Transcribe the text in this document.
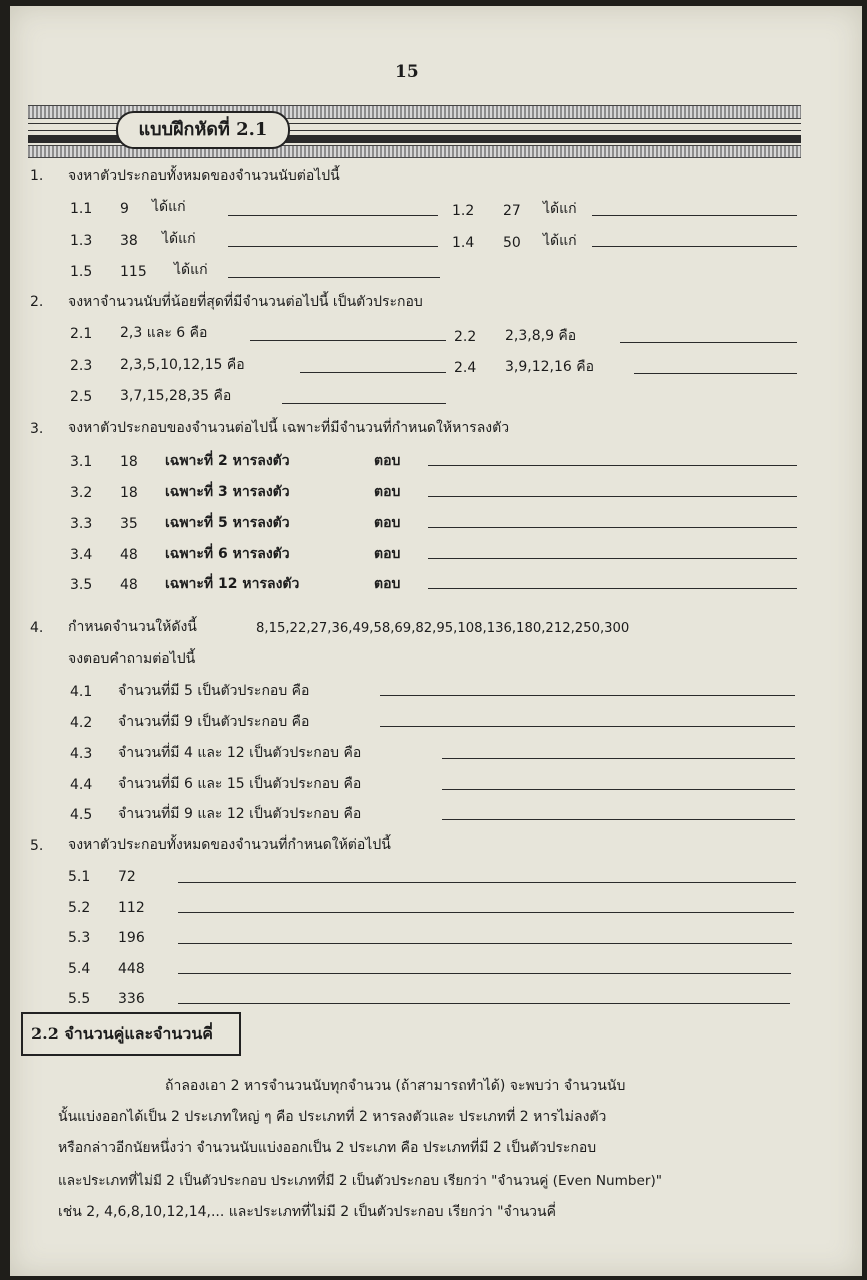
15
แบบฝึกหัดที่ 2.1
1. จงหาตัวประกอบทั้งหมดของจำนวนนับต่อไปนี้
1.1 9 ได้แก่	1.2 27 ได้แก่
1.3 38 ได้แก่	1.4 50 ได้แก่
1.5 115 ได้แก่
2. จงหาจำนวนนับที่น้อยที่สุดที่มีจำนวนต่อไปนี้ เป็นตัวประกอบ
2.1 2,3 และ 6 คือ	2.2 2,3,8,9 คือ
2.3 2,3,5,10,12,15 คือ	2.4 3,9,12,16 คือ
2.5 3,7,15,28,35 คือ
3. จงหาตัวประกอบของจำนวนต่อไปนี้ เฉพาะที่มีจำนวนที่กำหนดให้หารลงตัว
3.1 18 เฉพาะที่ 2 หารลงตัว	ตอบ
3.2 18 เฉพาะที่ 3 หารลงตัว	ตอบ
3.3 35 เฉพาะที่ 5 หารลงตัว	ตอบ
3.4 48 เฉพาะที่ 6 หารลงตัว	ตอบ
3.5 48 เฉพาะที่ 12 หารลงตัว	ตอบ
4. กำหนดจำนวนให้ดังนี้	8,15,22,27,36,49,58,69,82,95,108,136,180,212,250,300
จงตอบคำถามต่อไปนี้
4.1 จำนวนที่มี 5 เป็นตัวประกอบ คือ
4.2 จำนวนที่มี 9 เป็นตัวประกอบ คือ
4.3 จำนวนที่มี 4 และ 12 เป็นตัวประกอบ คือ
4.4 จำนวนที่มี 6 และ 15 เป็นตัวประกอบ คือ
4.5 จำนวนที่มี 9 และ 12 เป็นตัวประกอบ คือ
5. จงหาตัวประกอบทั้งหมดของจำนวนที่กำหนดให้ต่อไปนี้
5.1 72
5.2 112
5.3 196
5.4 448
5.5 336
2.2 จำนวนคู่และจำนวนคี่
ถ้าลองเอา 2 หารจำนวนนับทุกจำนวน (ถ้าสามารถทำได้) จะพบว่า จำนวนนับ
นั้นแบ่งออกได้เป็น 2 ประเภทใหญ่ ๆ คือ ประเภทที่ 2 หารลงตัวและ ประเภทที่ 2 หารไม่ลงตัว
หรือกล่าวอีกนัยหนึ่งว่า จำนวนนับแบ่งออกเป็น 2 ประเภท คือ ประเภทที่มี 2 เป็นตัวประกอบ
และประเภทที่ไม่มี 2 เป็นตัวประกอบ ประเภทที่มี 2 เป็นตัวประกอบ เรียกว่า "จำนวนคู่ (Even Number)"
เช่น 2, 4,6,8,10,12,14,... และประเภทที่ไม่มี 2 เป็นตัวประกอบ เรียกว่า "จำนวนคี่
